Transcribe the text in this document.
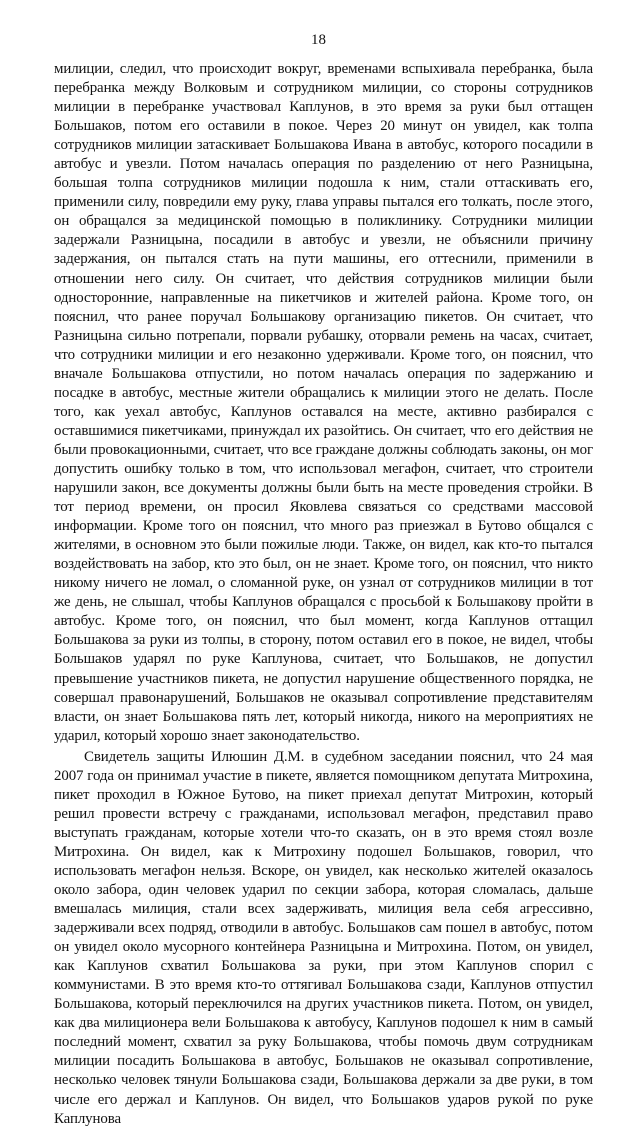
18

милиции, следил, что происходит вокруг, временами вспыхивала перебранка, была перебранка между Волковым и сотрудником милиции, со стороны сотрудников милиции в перебранке участвовал Каплунов, в это время за руки был оттащен Большаков, потом его оставили в покое. Через 20 минут он увидел, как толпа сотрудников милиции затаскивает Большакова Ивана в автобус, которого посадили в автобус и увезли. Потом началась операция по разделению от него Разницына, большая толпа сотрудников милиции подошла к ним, стали оттаскивать его, применили силу, повредили ему руку, глава управы пытался его толкать, после этого, он обращался за медицинской помощью в поликлинику. Сотрудники милиции задержали Разницына, посадили в автобус и увезли, не объяснили причину задержания, он пытался стать на пути машины, его оттеснили, применили в отношении него силу. Он считает, что действия сотрудников милиции были односторонние, направленные на пикетчиков и жителей района. Кроме того, он пояснил, что ранее поручал Большакову организацию пикетов. Он считает, что Разницына сильно потрепали, порвали рубашку, оторвали ремень на часах, считает, что сотрудники милиции и его незаконно удерживали. Кроме того, он пояснил, что вначале Большакова отпустили, но потом началась операция по задержанию и посадке в автобус, местные жители обращались к милиции этого не делать. После того, как уехал автобус, Каплунов оставался на месте, активно разбирался с оставшимися пикетчиками, принуждал их разойтись. Он считает, что его действия не были провокационными, считает, что все граждане должны соблюдать законы, он мог допустить ошибку только в том, что использовал мегафон, считает, что строители нарушили закон, все документы должны были быть на месте проведения стройки. В тот период времени, он просил Яковлева связаться со средствами массовой информации. Кроме того он пояснил, что много раз приезжал в Бутово общался с жителями, в основном это были пожилые люди. Также, он видел, как кто-то пытался воздействовать на забор, кто это был, он не знает. Кроме того, он пояснил, что никто никому ничего не ломал, о сломанной руке, он узнал от сотрудников милиции в тот же день, не слышал, чтобы Каплунов обращался с просьбой к Большакову пройти в автобус. Кроме того, он пояснил, что был момент, когда Каплунов оттащил Большакова за руки из толпы, в сторону, потом оставил его в покое, не видел, чтобы Большаков ударял по руке Каплунова, считает, что Большаков, не допустил превышение участников пикета, не допустил нарушение общественного порядка, не совершал правонарушений, Большаков не оказывал сопротивление представителям власти, он знает Большакова пять лет, который никогда, никого на мероприятиях не ударил, который хорошо знает законодательство.

Свидетель защиты Илюшин Д.М. в судебном заседании пояснил, что 24 мая 2007 года он принимал участие в пикете, является помощником депутата Митрохина, пикет проходил в Южное Бутово, на пикет приехал депутат Митрохин, который решил провести встречу с гражданами, использовал мегафон, представил право выступать гражданам, которые хотели что-то сказать, он в это время стоял возле Митрохина. Он видел, как к Митрохину подошел Большаков, говорил, что использовать мегафон нельзя. Вскоре, он увидел, как несколько жителей оказалось около забора, один человек ударил по секции забора, которая сломалась, дальше вмешалась милиция, стали всех задерживать, милиция вела себя агрессивно, задерживали всех подряд, отводили в автобус. Большаков сам пошел в автобус, потом он увидел около мусорного контейнера Разницына и Митрохина. Потом, он увидел, как Каплунов схватил Большакова за руки, при этом Каплунов спорил с коммунистами. В это время кто-то оттягивал Большакова сзади, Каплунов отпустил Большакова, который переключился на других участников пикета. Потом, он увидел, как два милиционера вели Большакова к автобусу, Каплунов подошел к ним в самый последний момент, схватил за руку Большакова, чтобы помочь двум сотрудникам милиции посадить Большакова в автобус, Большаков не оказывал сопротивление, несколько человек тянули Большакова сзади, Большакова держали за две руки, в том числе его держал и Каплунов. Он видел, что Большаков ударов рукой по руке Каплунова
